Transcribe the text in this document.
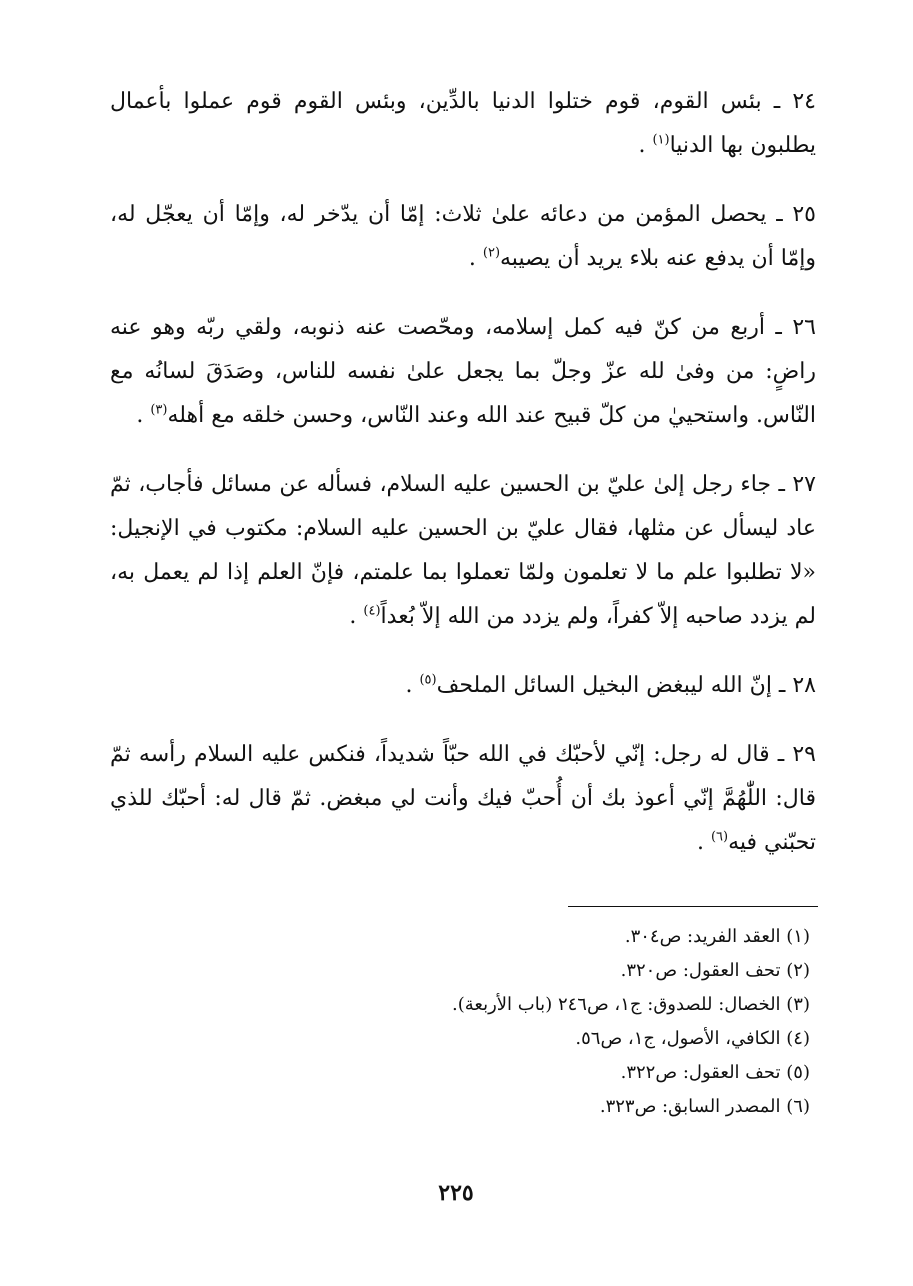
٢٤ ـ بئس القوم، قوم ختلوا الدنيا بالدِّين، وبئس القوم قوم عملوا بأعمال يطلبون بها الدنيا$^{(١)}$ .

٢٥ ـ يحصل المؤمن من دعائه علىٰ ثلاث: إمّا أن يدّخر له، وإمّا أن يعجّل له، وإمّا أن يدفع عنه بلاء يريد أن يصيبه$^{(٢)}$ .

٢٦ ـ أربع من كنّ فيه كمل إسلامه، ومحّصت عنه ذنوبه، ولقي ربّه وهو عنه راضٍ: من وفىٰ لله عزّ وجلّ بما يجعل علىٰ نفسه للناس، وصَدَقَ لسانُه مع النّاس. واستحييٰ من كلّ قبيح عند الله وعند النّاس، وحسن خلقه مع أهله$^{(٣)}$ .

٢٧ ـ جاء رجل إلىٰ عليّ بن الحسين عليه السلام، فسأله عن مسائل فأجاب، ثمّ عاد ليسأل عن مثلها، فقال عليّ بن الحسين عليه السلام: مكتوب في الإنجيل: «لا تطلبوا علم ما لا تعلمون ولمّا تعملوا بما علمتم، فإنّ العلم إذا لم يعمل به، لم يزدد صاحبه إلاّ كفراً، ولم يزدد من الله إلاّ بُعداً$^{(٤)}$ .

٢٨ ـ إنّ الله ليبغض البخيل السائل الملحف$^{(٥)}$ .

٢٩ ـ قال له رجل: إنّي لأحبّك في الله حبّاً شديداً، فنكس عليه السلام رأسه ثمّ قال: اللّٰهُمَّ إنّي أعوذ بك أن أُحبّ فيك وأنت لي مبغض. ثمّ قال له: أحبّك للذي تحبّني فيه$^{(٦)}$ .

(١) العقد الفريد: ص٣٠٤.
(٢) تحف العقول: ص٣٢٠.
(٣) الخصال: للصدوق: ج١، ص٢٤٦ (باب الأربعة).
(٤) الكافي، الأصول، ج١، ص٥٦.
(٥) تحف العقول: ص٣٢٢.
(٦) المصدر السابق: ص٣٢٣.
٢٢٥
